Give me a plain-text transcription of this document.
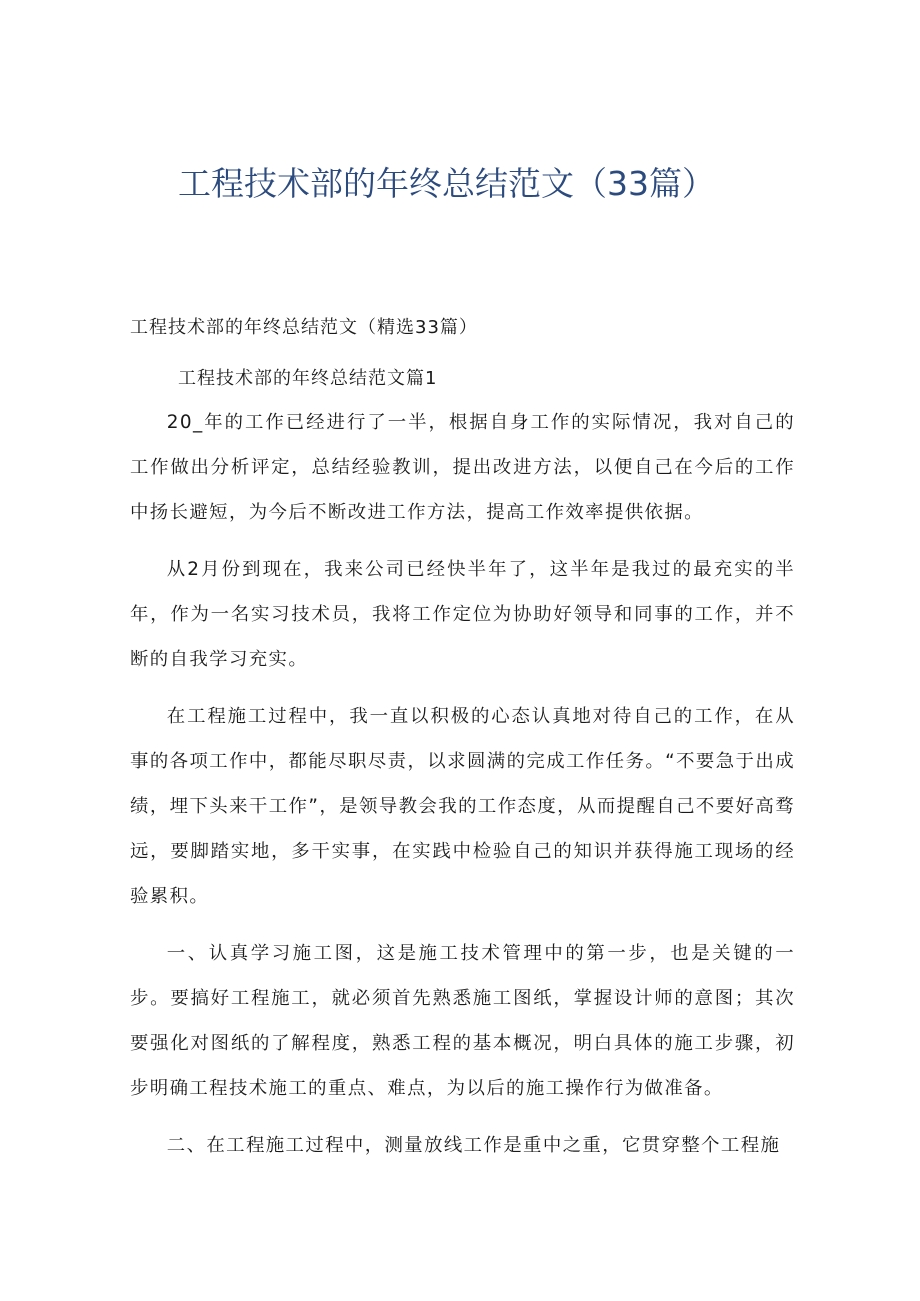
工程技术部的年终总结范文（33篇）
工程技术部的年终总结范文（精选33篇）
工程技术部的年终总结范文篇1

20_年的工作已经进行了一半，根据自身工作的实际情况，我对自己的工作做出分析评定，总结经验教训，提出改进方法，以便自己在今后的工作中扬长避短，为今后不断改进工作方法，提高工作效率提供依据。

从2月份到现在，我来公司已经快半年了，这半年是我过的最充实的半年，作为一名实习技术员，我将工作定位为协助好领导和同事的工作，并不断的自我学习充实。

在工程施工过程中，我一直以积极的心态认真地对待自己的工作，在从事的各项工作中，都能尽职尽责，以求圆满的完成工作任务。“不要急于出成绩，埋下头来干工作”，是领导教会我的工作态度，从而提醒自己不要好高骛远，要脚踏实地，多干实事，在实践中检验自己的知识并获得施工现场的经验累积。

一、认真学习施工图，这是施工技术管理中的第一步，也是关键的一步。要搞好工程施工，就必须首先熟悉施工图纸，掌握设计师的意图；其次要强化对图纸的了解程度，熟悉工程的基本概况，明白具体的施工步骤，初步明确工程技术施工的重点、难点，为以后的施工操作行为做准备。

二、在工程施工过程中，测量放线工作是重中之重，它贯穿整个工程施
